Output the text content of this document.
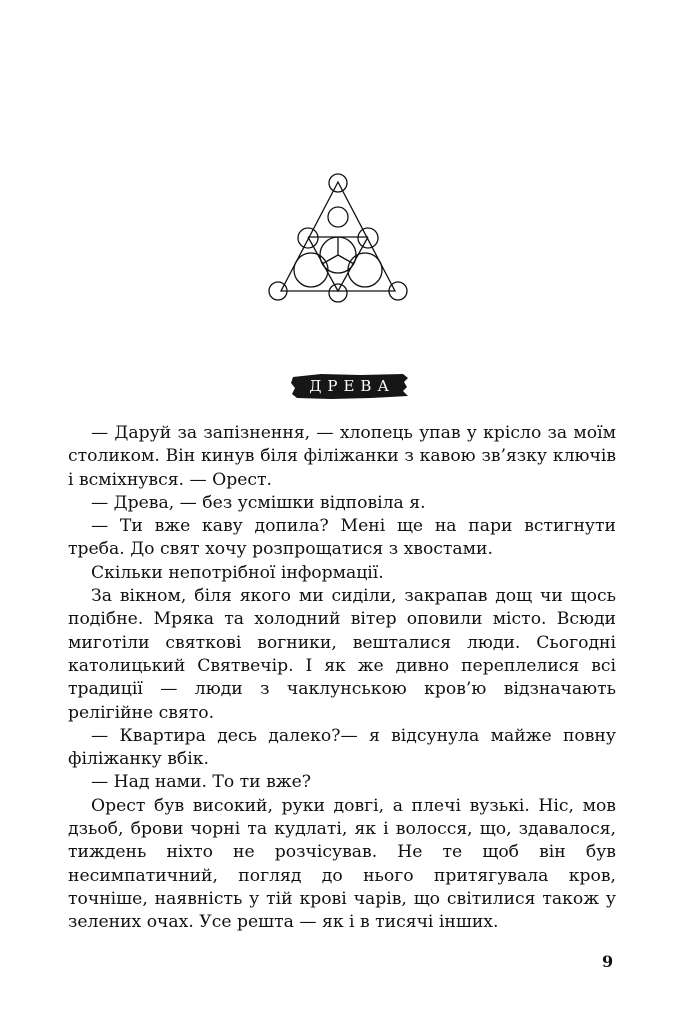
ДРЕВА

— Даруй за запізнення, — хлопець упав у крісло за моїм столиком. Він кинув біля філіжанки з кавою зв’язку ключів і всміхнувся. — Орест.

— Древа, — без усмішки відповіла я.

— Ти вже каву допила? Мені ще на пари встигнути треба. До свят хочу розпрощатися з хвостами.

Скільки непотрібної інформації.

За вікном, біля якого ми сиділи, закрапав дощ чи щось подібне. Мряка та холодний вітер оповили місто. Всюди миготіли святкові вогники, вешталися люди. Сьогодні католицький Святвечір. І як же дивно переплелися всі традиції — люди з чаклунською кров’ю відзначають релігійне свято.

— Квартира десь далеко?— я відсунула майже повну філіжанку вбік.

— Над нами. То ти вже?

Орест був високий, руки довгі, а плечі вузькі. Ніс, мов дзьоб, брови чорні та кудлаті, як і волосся, що, здавалося, тиждень ніхто не розчісував. Не те щоб він був несимпатичний, погляд до нього притягувала кров, точніше, наявність у тій крові чарів, що світилися також у зелених очах. Усе решта — як і в тисячі інших.

9
